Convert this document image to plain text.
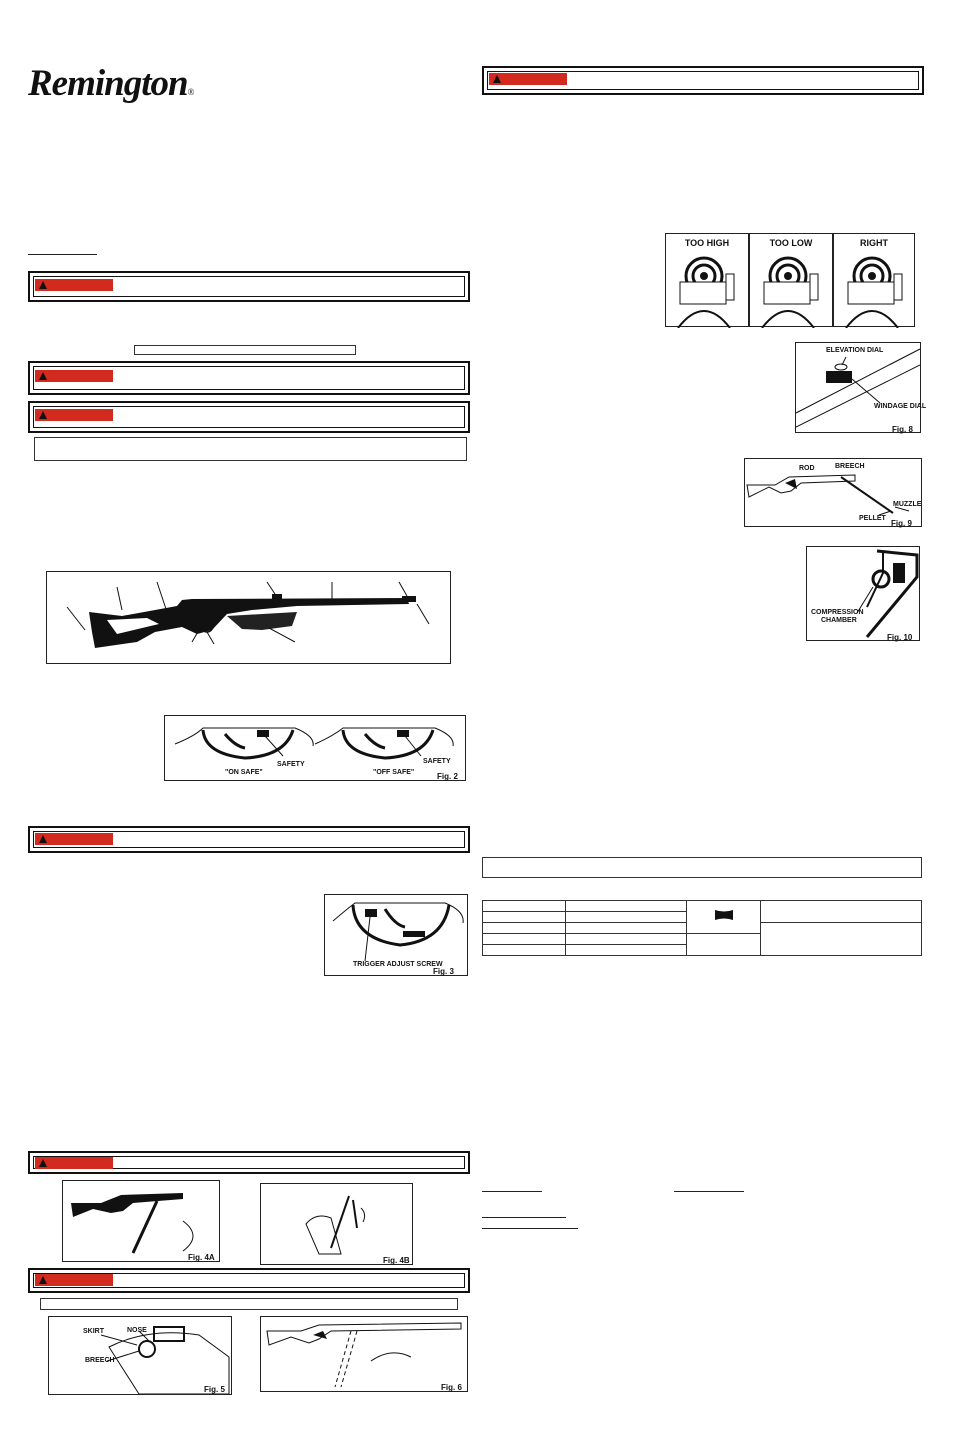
Remington®
SAFETY	SAFETY
"ON SAFE"	"OFF SAFE"	Fig. 2
TRIGGER ADJUST SCREW
Fig. 3
Fig. 4A	Fig. 4B
SKIRT	NOSE
BREECH
Fig. 5	Fig. 6
TOO HIGH	TOO LOW	RIGHT
ELEVATION DIAL
WINDAGE DIAL
Fig. 8
ROD	BREECH
MUZZLE
PELLET
Fig. 9
COMPRESSION
CHAMBER
Fig. 10
